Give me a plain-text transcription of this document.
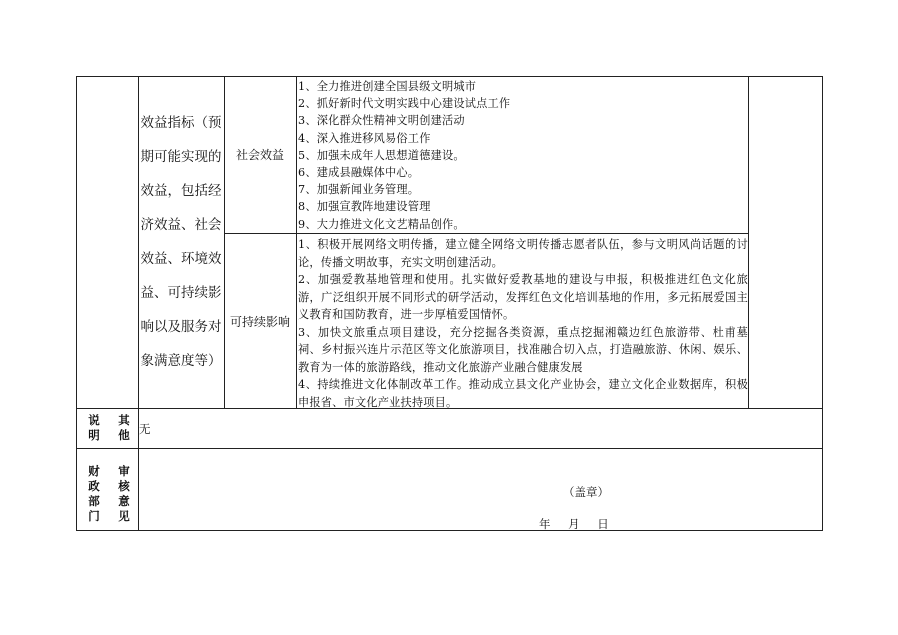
效益指标（预期可能实现的效益，包括经济效益、社会效益、环境效益、可持续影响以及服务对象满意度等）
社会效益
1、全力推进创建全国县级文明城市
2、抓好新时代文明实践中心建设试点工作
3、深化群众性精神文明创建活动
4、深入推进移风易俗工作
5、加强未成年人思想道德建设。
6、建成县融媒体中心。
7、加强新闻业务管理。
8、加强宣教阵地建设管理
9、大力推进文化文艺精品创作。
可持续影响

1、积极开展网络文明传播，建立健全网络文明传播志愿者队伍，参与文明风尚话题的讨论，传播文明故事，充实文明创建活动。

2、加强爱教基地管理和使用。扎实做好爱教基地的建设与申报，积极推进红色文化旅游，广泛组织开展不同形式的研学活动，发挥红色文化培训基地的作用，多元拓展爱国主义教育和国防教育，进一步厚植爱国情怀。

3、加快文旅重点项目建设，充分挖掘各类资源，重点挖掘湘赣边红色旅游带、杜甫墓祠、乡村振兴连片示范区等文化旅游项目，找准融合切入点，打造融旅游、休闲、娱乐、教育为一体的旅游路线，推动文化旅游产业融合健康发展

4、持续推进文化体制改革工作。推动成立县文化产业协会，建立文化企业数据库，积极申报省、市文化产业扶持项目。

说明
其他 无
财政部门
审核意见
（盖章）
年 月 日
